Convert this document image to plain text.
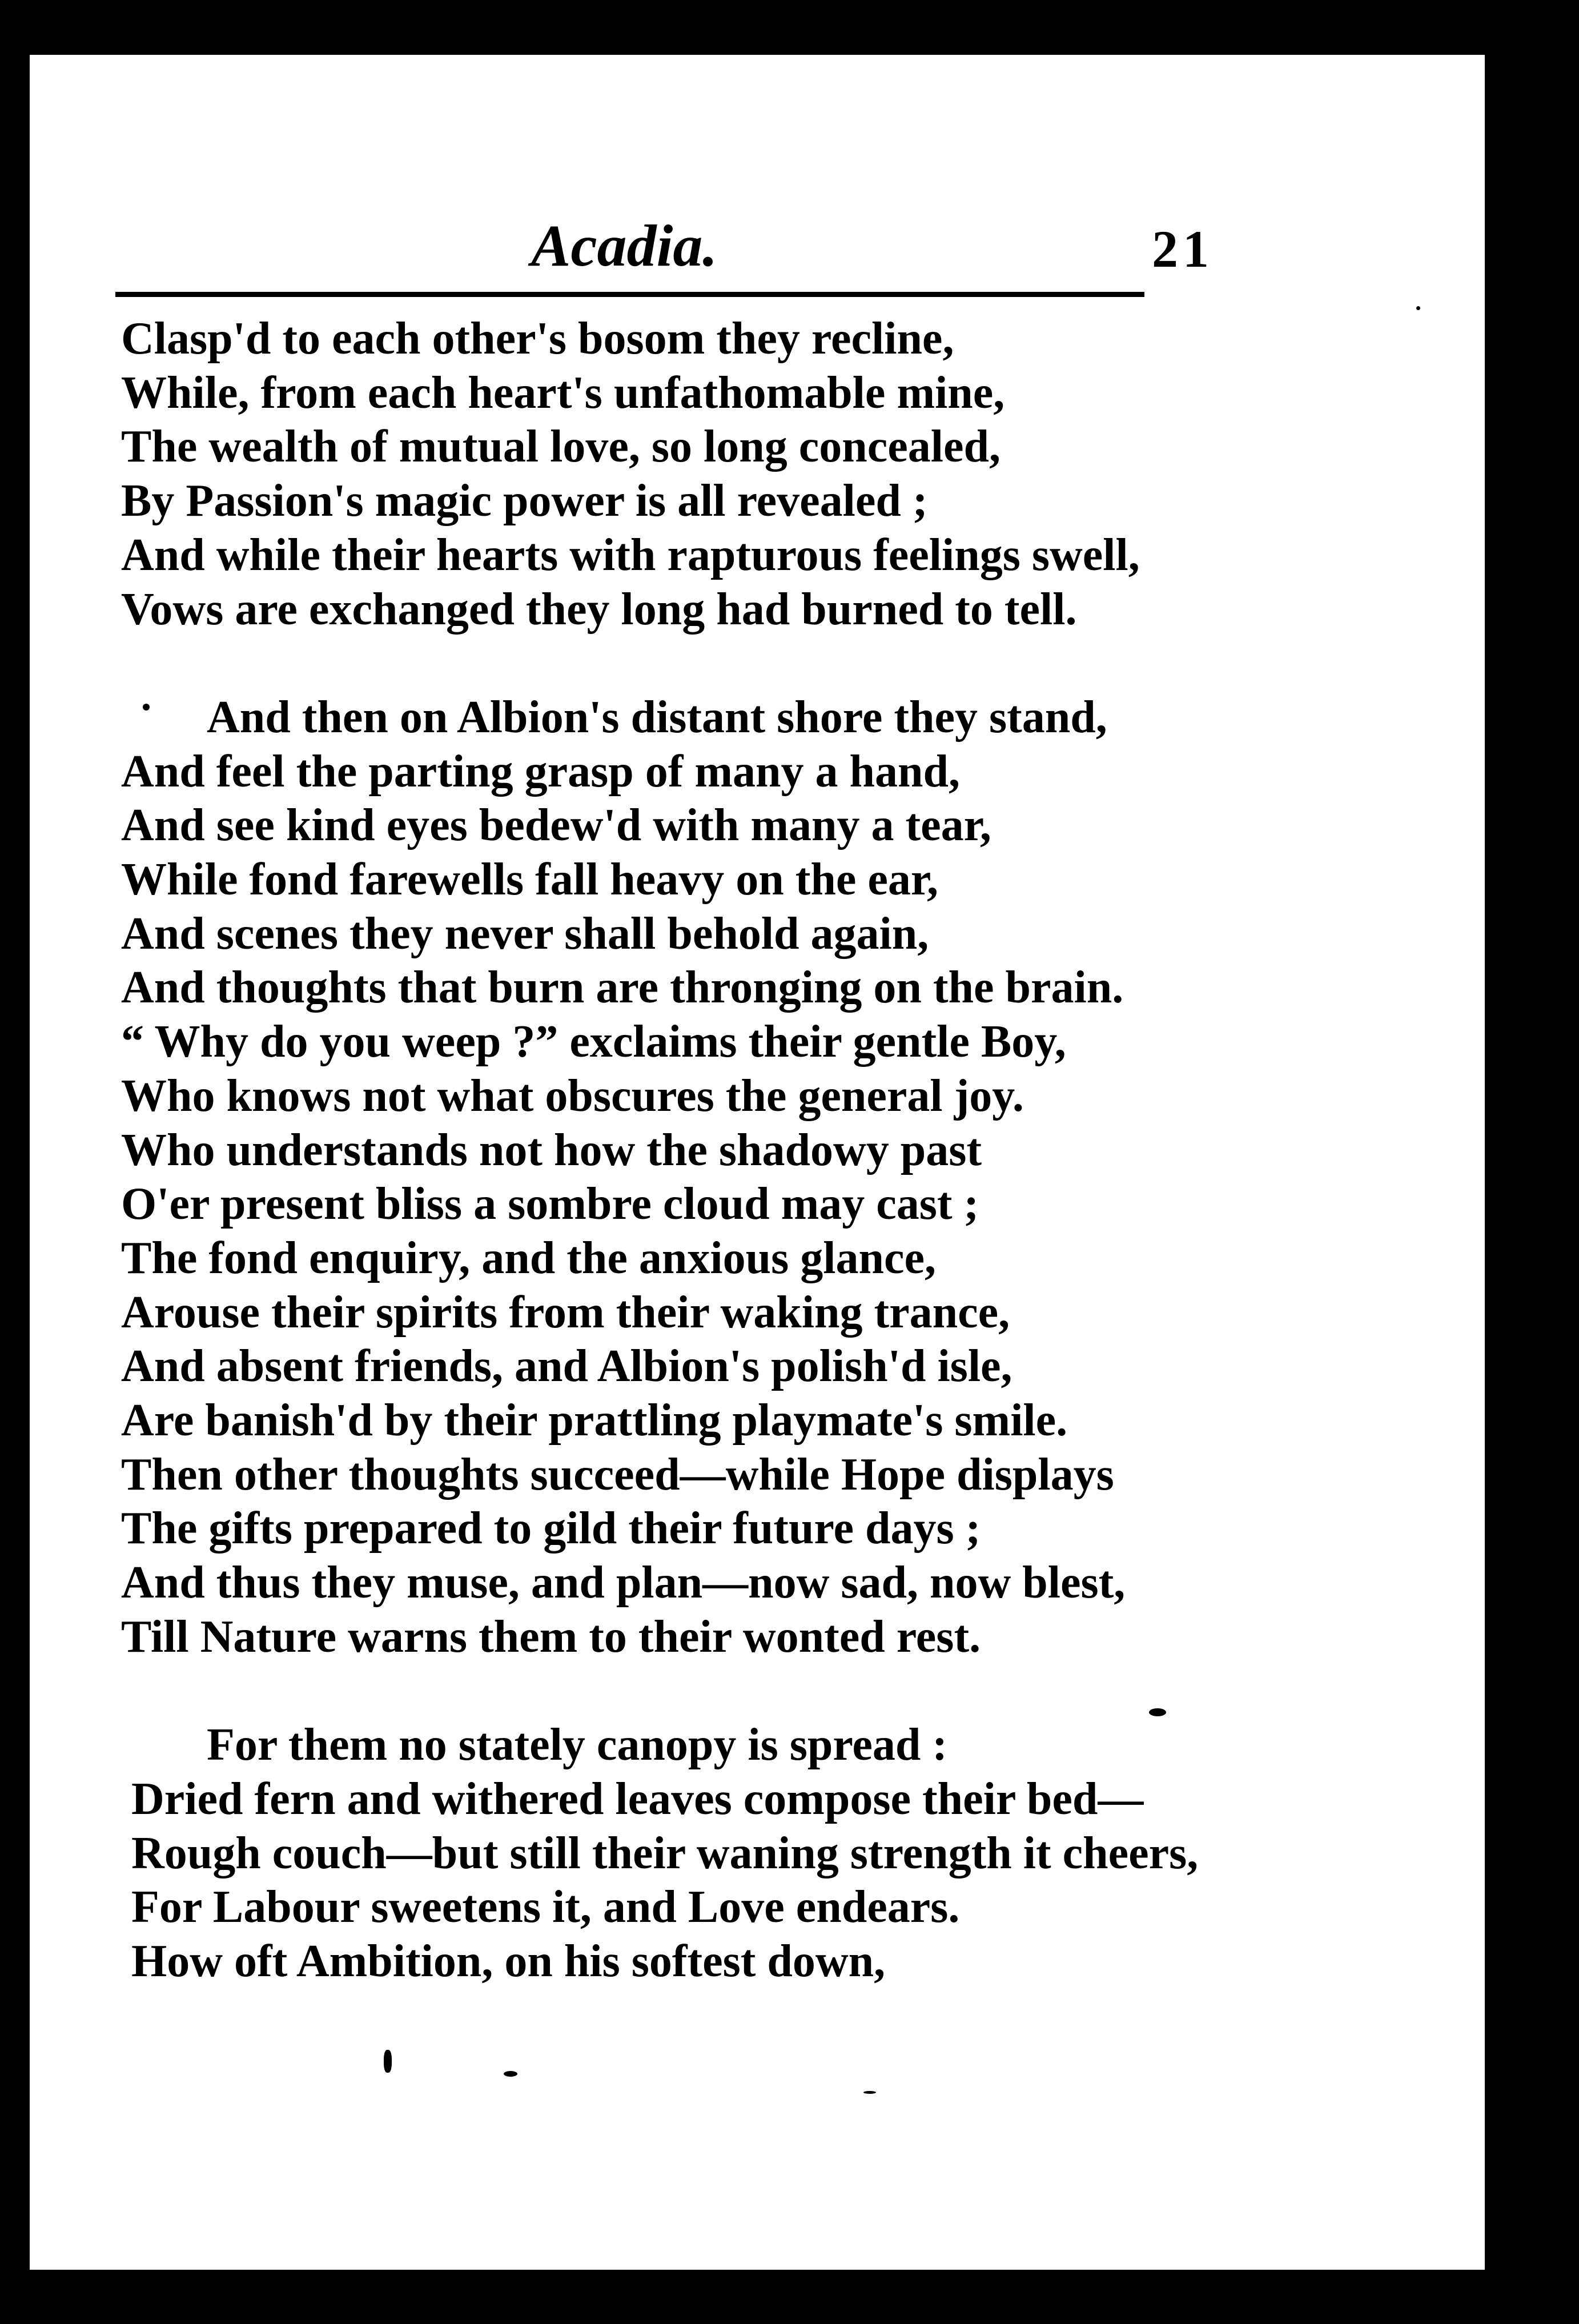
Acadia.	21
Clasp'd to each other's bosom they recline,
While, from each heart's unfathomable mine,
The wealth of mutual love, so long concealed,
By Passion's magic power is all revealed ;
And while their hearts with rapturous feelings swell,
Vows are exchanged they long had burned to tell.
And then on Albion's distant shore they stand,
And feel the parting grasp of many a hand,
And see kind eyes bedew'd with many a tear,
While fond farewells fall heavy on the ear,
And scenes they never shall behold again,
And thoughts that burn are thronging on the brain.
“ Why do you weep ?” exclaims their gentle Boy,
Who knows not what obscures the general joy.
Who understands not how the shadowy past
O'er present bliss a sombre cloud may cast ;
The fond enquiry, and the anxious glance,
Arouse their spirits from their waking trance,
And absent friends, and Albion's polish'd isle,
Are banish'd by their prattling playmate's smile.
Then other thoughts succeed—while Hope displays
The gifts prepared to gild their future days ;
And thus they muse, and plan—now sad, now blest,
Till Nature warns them to their wonted rest.
For them no stately canopy is spread :
Dried fern and withered leaves compose their bed—
Rough couch—but still their waning strength it cheers,
For Labour sweetens it, and Love endears.
How oft Ambition, on his softest down,
